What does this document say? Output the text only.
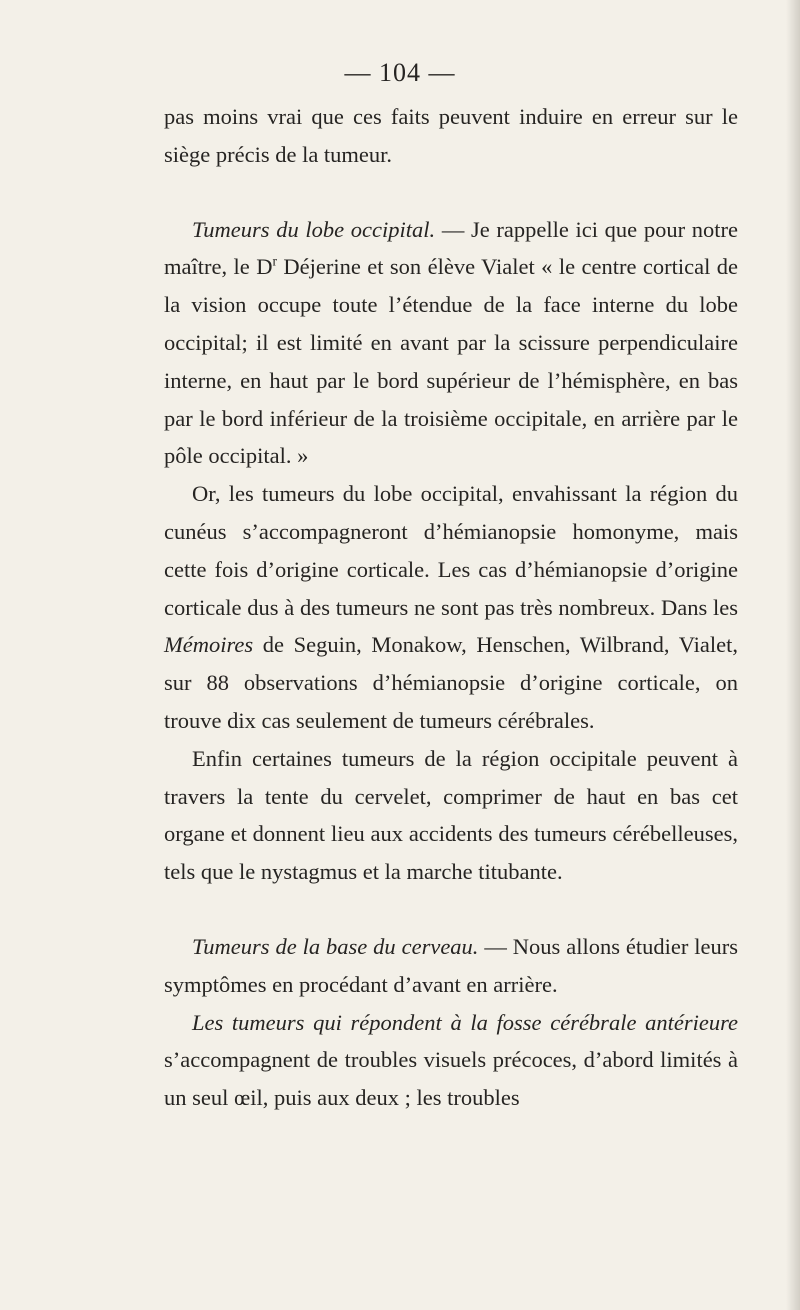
— 104 —

pas moins vrai que ces faits peuvent induire en erreur sur le siège précis de la tumeur.

Tumeurs du lobe occipital. — Je rappelle ici que pour notre maître, le $D^r$ Déjerine et son élève Vialet « le centre cortical de la vision occupe toute l’étendue de la face interne du lobe occipital; il est limité en avant par la scissure perpendiculaire interne, en haut par le bord supérieur de l’hémisphère, en bas par le bord inférieur de la troisième occipitale, en arrière par le pôle occipital. »

Or, les tumeurs du lobe occipital, envahissant la région du cunéus s’accompagneront d’hémianopsie homonyme, mais cette fois d’origine corticale. Les cas d’hémianopsie d’origine corticale dus à des tumeurs ne sont pas très nombreux. Dans les Mémoires de Seguin, Monakow, Henschen, Wilbrand, Vialet, sur 88 observations d’hémianopsie d’origine corticale, on trouve dix cas seulement de tumeurs cérébrales.

Enfin certaines tumeurs de la région occipitale peuvent à travers la tente du cervelet, comprimer de haut en bas cet organe et donnent lieu aux accidents des tumeurs cérébelleuses, tels que le nystagmus et la marche titubante.

Tumeurs de la base du cerveau. — Nous allons étudier leurs symptômes en procédant d’avant en arrière.

Les tumeurs qui répondent à la fosse cérébrale antérieure s’accompagnent de troubles visuels précoces, d’abord limités à un seul œil, puis aux deux ; les troubles
